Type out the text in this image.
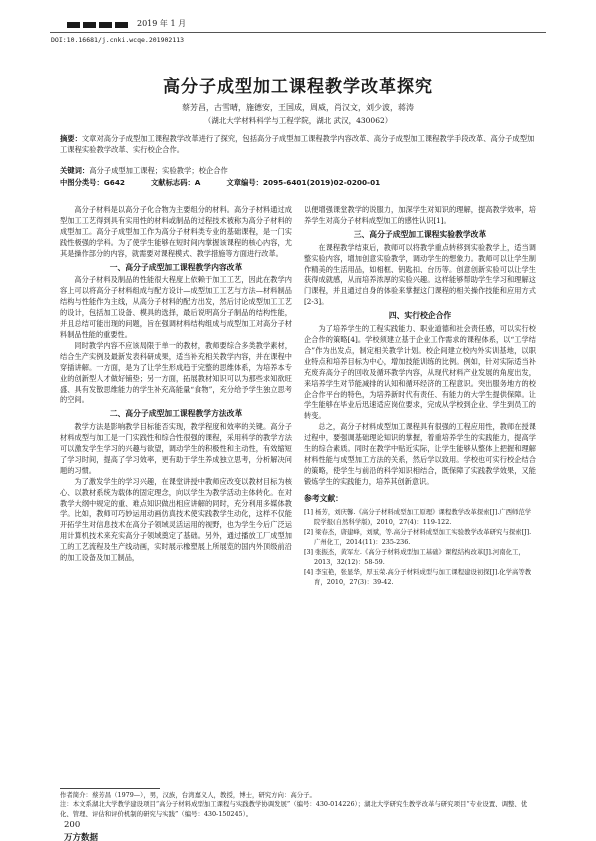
2019 年 1 月
DOI:10.16681/j.cnki.wcqe.201902113
高分子成型加工课程教学改革探究
蔡芳昌，古雪晴，施德安，王国成，周威，肖汉文，刘少波，蒋涛
（湖北大学材料科学与工程学院，湖北 武汉，430062）
摘要：文章对高分子成型加工课程教学改革进行了探究，包括高分子成型加工课程教学内容改革、高分子成型加工课程教学手段改革、高分子成型加工课程实验教学改革、实行校企合作。
关键词：高分子成型加工课程；实验教学；校企合作
中图分类号：G642	文献标志码：A	文章编号：2095-6401(2019)02-0200-01

高分子材料是以高分子化合物为主要组分的材料。高分子材料通过成型加工工艺得到具有实用性的材料或制品的过程技术被称为高分子材料的成型加工。高分子成型加工作为高分子材料类专业的基础课程，是一门实践性极强的学科。为了使学生能够在短时间内掌握该课程的核心内容，尤其是操作部分的内容，就需要对课程模式、教学措施等方面进行改革。

一、高分子成型加工课程教学内容改革

高分子材料及制品的性能很大程度上依赖于加工工艺，因此在教学内容上可以将高分子材料组成与配方设计—成型加工工艺与方法—材料制品结构与性能作为主线，从高分子材料的配方出发，然后讨论成型加工工艺的设计，包括加工设备、模具的选择，最后说明高分子制品的结构性能，并且总结可能出现的问题，旨在强调材料结构组成与成型加工对高分子材料制品性能的重要性。

同时教学内容不应该局限于单一的教材，教师要综合多类教学素材，结合生产实例及最新发表科研成果，适当补充相关教学内容，并在课程中穿插讲解。一方面，是为了让学生形成趋于完整的思维体系，为培养本专业的创新型人才做好铺垫；另一方面，拓展教材知识可以为那些求知欲旺盛、具有发散思维能力的学生补充高能量“食物”，充分给予学生独立思考的空间。

二、高分子成型加工课程教学方法改革

教学方法是影响教学目标能否实现，教学程度和效率的关键。高分子材料成型与加工是一门实践性和综合性很强的课程，采用科学的教学方法可以激发学生学习的兴趣与欲望，调动学生的积极性和主动性，有效缩短了学习时间，提高了学习效率，更有助于学生养成独立思考，分析解决问题的习惯。

为了激发学生的学习兴趣，在课堂讲授中教师应改变以教材目标为核心、以教材系统为载体的固定理念，向以学生为教学活动主体转化。在对教学大纲中规定的重、难点知识做出相应讲解的同时，充分利用多媒体教学。比如，教师可巧妙运用动画仿真技术使实践教学生动化，这样不仅能开拓学生对信息技术在高分子领域灵活运用的视野，也为学生今后广泛运用计算机技术来充实高分子领域奠定了基础。另外，通过播放工厂成型加工的工艺流程及生产线动画，实时展示橡塑展上所展览的国内外顶级前沿的加工设备及加工制品，

以便增强课堂教学的说服力，加深学生对知识的理解，提高教学效率，培养学生对高分子材料成型加工的感性认识[1]。

三、高分子成型加工课程实验教学改革

在课程教学结束后，教师可以将教学重点转移到实验教学上，适当调整实验内容，增加创意实验教学，调动学生的想象力。教师可以让学生制作精美的生活用品，如相框、钥匙扣、台历等。创意创新实验可以让学生获得成就感，从而培养浓厚的实验兴趣。这样能够帮助学生学习和理解这门课程，并且通过自身的体验来掌握这门课程的相关操作技能和应用方式[2-3]。

四、实行校企合作

为了培养学生的工程实践能力、职业道德和社会责任感，可以实行校企合作的策略[4]。学校须建立基于企业工作需求的课程体系，以“工学结合”作为出发点，制定相关教学计划。校企间建立校内外实训基地，以职业特点和培养目标为中心，增加技能训练的比例。例如，针对实际适当补充废弃高分子的回收及循环教学内容，从现代材料产业发展的角度出发，来培养学生对节能减排的认知和循环经济的工程意识。突出服务地方的校企合作平台的特色，为培养新时代有责任、有能力的大学生提供保障。让学生能够在毕业后迅速适应岗位要求，完成从学校到企业、学生到员工的转变。

总之，高分子材料成型加工课程具有很强的工程应用性，教师在授课过程中，要强调基础理论知识的掌握，着重培养学生的实践能力，提高学生的综合素质。同时在教学中贴近实际，让学生能够从整体上把握和理解材料性能与成型加工方法的关系，然后学以致用。学校也可实行校企结合的策略，使学生与前沿的科学知识相结合，既保障了实践教学效果，又能锻炼学生的实践能力，培养其创新意识。

参考文献：
[1] 杨芳，刘庆馨.《高分子材料成型加工原理》课程教学改革探索[J].广西师范学院学报(自然科学版)，2010，27(4)：119-122.
[2] 梁春杰，唐建峰，刘斌，等.高分子材料成型加工实验教学改革研究与探索[J].广州化工，2014(11)：235-236.
[3] 张振杰，黄军左.《高分子材料成型加工基础》课程结构改革[J].河南化工，2013，32(12)：58-59.
[4] 李宝艳，张显华，厚玉荣.高分子材料成型与加工课程建设初探[J].化学高等教育，2010，27(3)：39-42.
作者简介：蔡芳昌（1979—），男，汉族，台湾嘉义人，教授，博士，研究方向：高分子。
注：本文系湖北大学教学建设项目“高分子材料成型加工课程与实践教学协调发展”（编号：430-014226）；湖北大学研究生教学改革与研究项目“专业设置、调整、优化、管理、评估和评价机制的研究与实践”（编号：430-150245）。
200
万方数据
